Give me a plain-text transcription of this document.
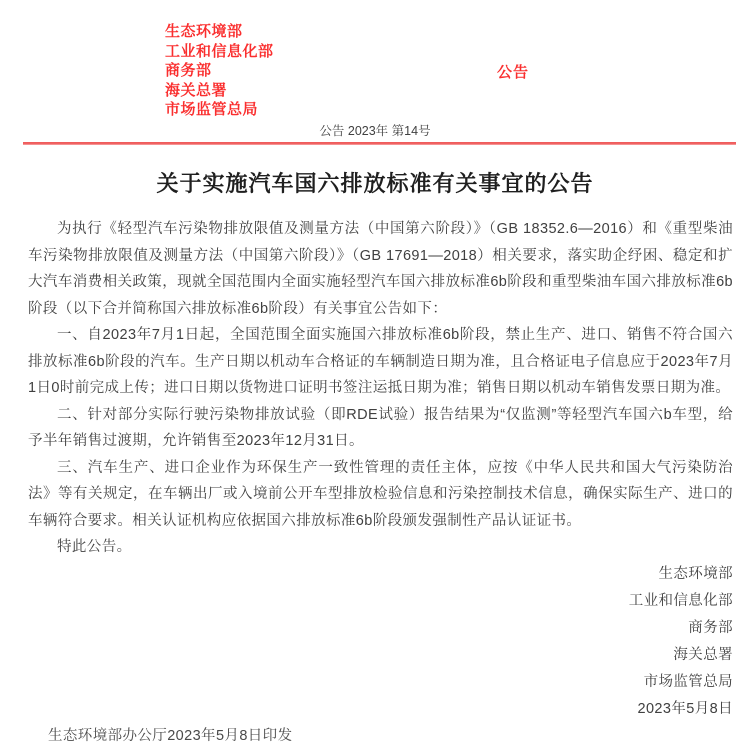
生态环境部
工业和信息化部
商务部
海关总署
市场监管总局
公告
公告 2023年 第14号
关于实施汽车国六排放标准有关事宜的公告

为执行《轻型汽车污染物排放限值及测量方法（中国第六阶段）》（GB 18352.6—2016）和《重型柴油车污染物排放限值及测量方法（中国第六阶段）》（GB 17691—2018）相关要求，落实助企纾困、稳定和扩大汽车消费相关政策，现就全国范围内全面实施轻型汽车国六排放标准6b阶段和重型柴油车国六排放标准6b阶段（以下合并简称国六排放标准6b阶段）有关事宜公告如下：

一、自2023年7月1日起，全国范围全面实施国六排放标准6b阶段，禁止生产、进口、销售不符合国六排放标准6b阶段的汽车。生产日期以机动车合格证的车辆制造日期为准，且合格证电子信息应于2023年7月1日0时前完成上传；进口日期以货物进口证明书签注运抵日期为准；销售日期以机动车销售发票日期为准。

二、针对部分实际行驶污染物排放试验（即RDE试验）报告结果为“仅监测”等轻型汽车国六b车型，给予半年销售过渡期，允许销售至2023年12月31日。

三、汽车生产、进口企业作为环保生产一致性管理的责任主体，应按《中华人民共和国大气污染防治法》等有关规定，在车辆出厂或入境前公开车型排放检验信息和污染控制技术信息，确保实际生产、进口的车辆符合要求。相关认证机构应依据国六排放标准6b阶段颁发强制性产品认证证书。

特此公告。

生态环境部
工业和信息化部
商务部
海关总署
市场监管总局
2023年5月8日
生态环境部办公厅2023年5月8日印发
